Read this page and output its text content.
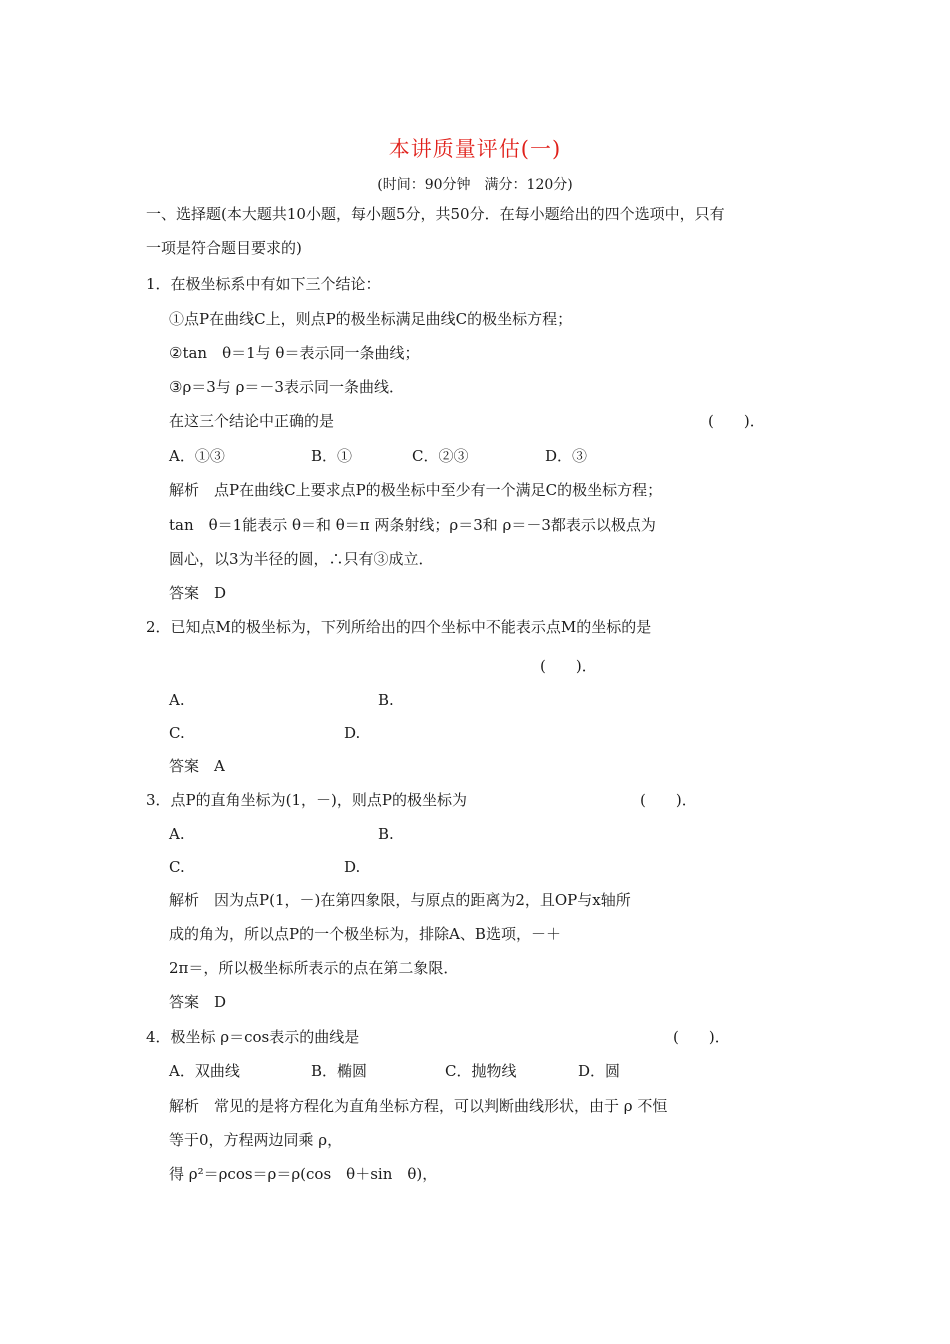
本讲质量评估(一)
(时间：90分钟　满分：120分)
一、选择题(本大题共10小题，每小题5分，共50分．在每小题给出的四个选项中，只有
一项是符合题目要求的)
1．在极坐标系中有如下三个结论：
①点P在曲线C上，则点P的极坐标满足曲线C的极坐标方程；
②tan　θ＝1与 θ＝表示同一条曲线；
③ρ＝3与 ρ＝－3表示同一条曲线．
在这三个结论中正确的是	(　　)．
A．①③	B．①	C．②③	D．③
解析　点P在曲线C上要求点P的极坐标中至少有一个满足C的极坐标方程；
tan　θ＝1能表示 θ＝和 θ＝π 两条射线；ρ＝3和 ρ＝－3都表示以极点为
圆心，以3为半径的圆，∴只有③成立．
答案　D
2．已知点M的极坐标为，下列所给出的四个坐标中不能表示点M的坐标的是
(　　)．
A.	B.
C.	D.
答案　A
3．点P的直角坐标为(1，－)，则点P的极坐标为	(　　)．
A.	B.
C.	D.
解析　因为点P(1，－)在第四象限，与原点的距离为2，且OP与x轴所
成的角为，所以点P的一个极坐标为，排除A、B选项，－＋
2π＝，所以极坐标所表示的点在第二象限．
答案　D
4．极坐标 ρ＝cos表示的曲线是	(　　)．
A．双曲线	B．椭圆	C．抛物线	D．圆
解析　常见的是将方程化为直角坐标方程，可以判断曲线形状，由于 ρ 不恒
等于0，方程两边同乘 ρ，
得 ρ²＝ρcos＝ρ＝ρ(cos　θ＋sin　θ)，
